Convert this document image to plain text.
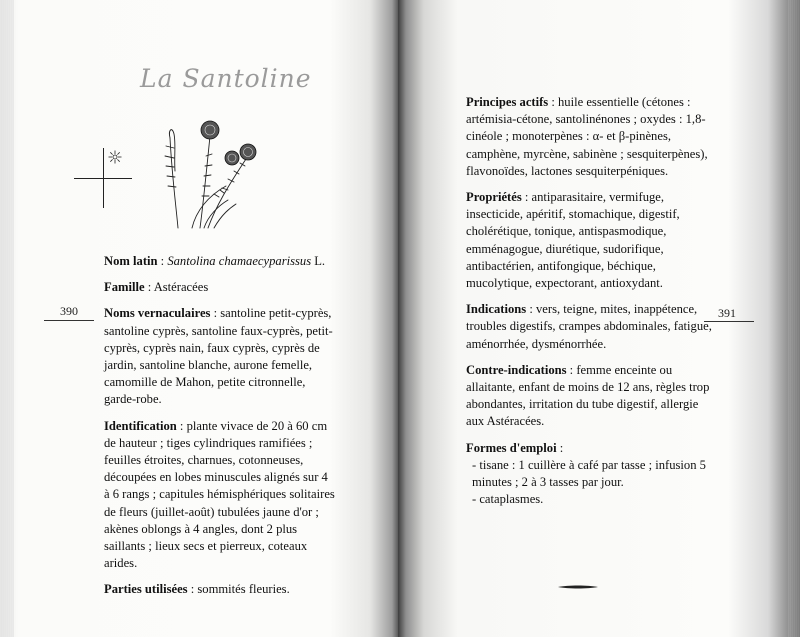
La Santoline
390

Nom latin : Santolina chamaecyparissus L.

Famille : Astéracées

Noms vernaculaires : santoline petit-cyprès, santoline cyprès, santoline faux-cyprès, petit-cyprès, cyprès nain, faux cyprès, cyprès de jardin, santoline blanche, aurone femelle, camomille de Mahon, petite citronnelle, garde-robe.

Identification : plante vivace de 20 à 60 cm de hauteur ; tiges cylindriques ramifiées ; feuilles étroites, charnues, cotonneuses, découpées en lobes minuscules alignés sur 4 à 6 rangs ; capitules hémisphériques solitaires de fleurs (juillet-août) tubulées jaune d'or ; akènes oblongs à 4 angles, dont 2 plus saillants ; lieux secs et pierreux, coteaux arides.

Parties utilisées : sommités fleuries.

391

Principes actifs : huile essentielle (cétones : artémisia-cétone, santolinénones ; oxydes : 1,8-cinéole ; monoterpènes : α- et β-pinènes, camphène, myrcène, sabinène ; sesquiterpènes), flavonoïdes, lactones sesquiterpéniques.

Propriétés : antiparasitaire, vermifuge, insecticide, apéritif, stomachique, digestif, cholérétique, tonique, antispasmodique, emménagogue, diurétique, sudorifique, antibactérien, antifongique, béchique, mucolytique, expectorant, antioxydant.

Indications : vers, teigne, mites, inappétence, troubles digestifs, crampes abdominales, fatigue, aménorrhée, dysménorrhée.

Contre-indications : femme enceinte ou allaitante, enfant de moins de 12 ans, règles trop abondantes, irritation du tube digestif, allergie aux Astéracées.

Formes d'emploi :

- tisane : 1 cuillère à café par tasse ; infusion 5 minutes ; 2 à 3 tasses par jour.
- cataplasmes.
